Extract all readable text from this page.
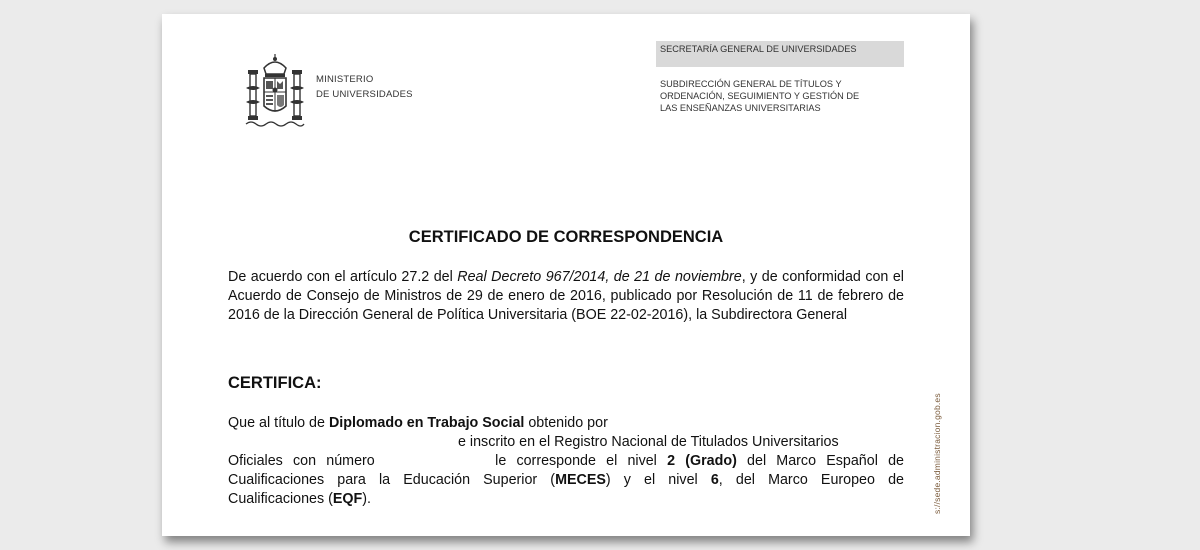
MINISTERIO
DE UNIVERSIDADES
SECRETARÍA GENERAL DE UNIVERSIDADES
SUBDIRECCIÓN GENERAL DE TÍTULOS Y
ORDENACIÓN, SEGUIMIENTO Y GESTIÓN DE
LAS ENSEÑANZAS UNIVERSITARIAS
CERTIFICADO DE CORRESPONDENCIA

De acuerdo con el artículo 27.2 del Real Decreto 967/2014, de 21 de noviembre, y de conformidad con el Acuerdo de Consejo de Ministros de 29 de enero de 2016, publicado por Resolución de 11 de febrero de 2016 de la Dirección General de Política Universitaria (BOE 22-02-2016), la Subdirectora General

CERTIFICA:
Que al título de Diplomado en Trabajo Social obtenido por
e inscrito en el Registro Nacional de Titulados Universitarios
Oficiales con número	le corresponde el nivel 2 (Grado) del Marco Español de
Cualificaciones para la Educación Superior (MECES) y el nivel 6, del Marco Europeo de
Cualificaciones (EQF).	s://sede.administracion.gob.es
